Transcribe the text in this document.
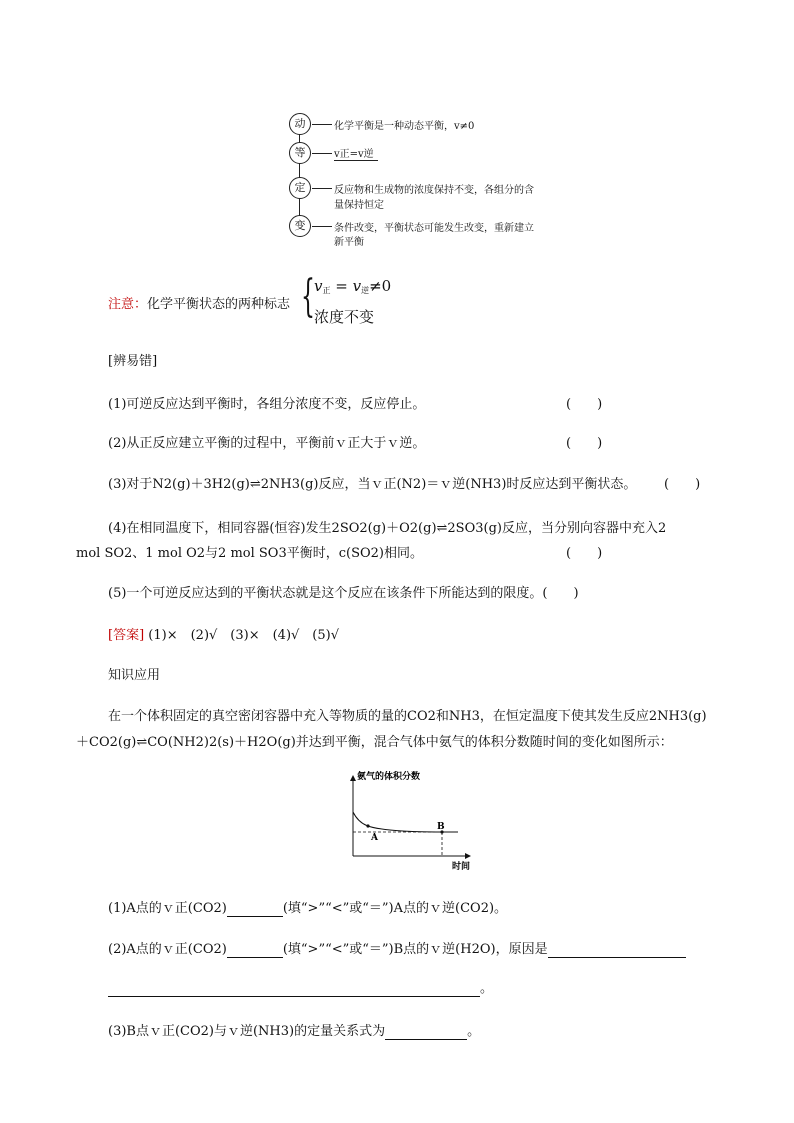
动	化学平衡是一种动态平衡，v≠0
等	v正=v逆
定	反应物和生成物的浓度保持不变，各组分的含
量保持恒定
变	条件改变，平衡状态可能发生改变，重新建立
新平衡
注意：化学平衡状态的两种标志 { v正 = v逆≠0
浓度不变
[辨易错]
(1)可逆反应达到平衡时，各组分浓度不变，反应停止。	(　　)
(2)从正反应建立平衡的过程中，平衡前ｖ正大于ｖ逆。	(　　)
(3)对于N2(g)＋3H2(g)⇌2NH3(g)反应，当ｖ正(N2)＝ｖ逆(NH3)时反应达到平衡状态。 (　　)
(4)在相同温度下，相同容器(恒容)发生2SO2(g)＋O2(g)⇌2SO3(g)反应，当分别向容器中充入2
mol SO2、1 mol O2与2 mol SO3平衡时，c(SO2)相同。	(　　)
(5)一个可逆反应达到的平衡状态就是这个反应在该条件下所能达到的限度。(　　)
[答案] (1)×　(2)√　(3)×　(4)√　(5)√
知识应用
在一个体积固定的真空密闭容器中充入等物质的量的CO2和NH3，在恒定温度下使其发生反应2NH3(g)
＋CO2(g)⇌CO(NH2)2(s)＋H2O(g)并达到平衡，混合气体中氨气的体积分数随时间的变化如图所示：
氨气的体积分数
时间
A
B
(1)A点的ｖ正(CO2)	(填“>”“<”或“＝”)A点的ｖ逆(CO2)。
(2)A点的ｖ正(CO2)	(填“>”“<”或“＝”)B点的ｖ逆(H2O)，原因是
。
(3)B点ｖ正(CO2)与ｖ逆(NH3)的定量关系式为	。
